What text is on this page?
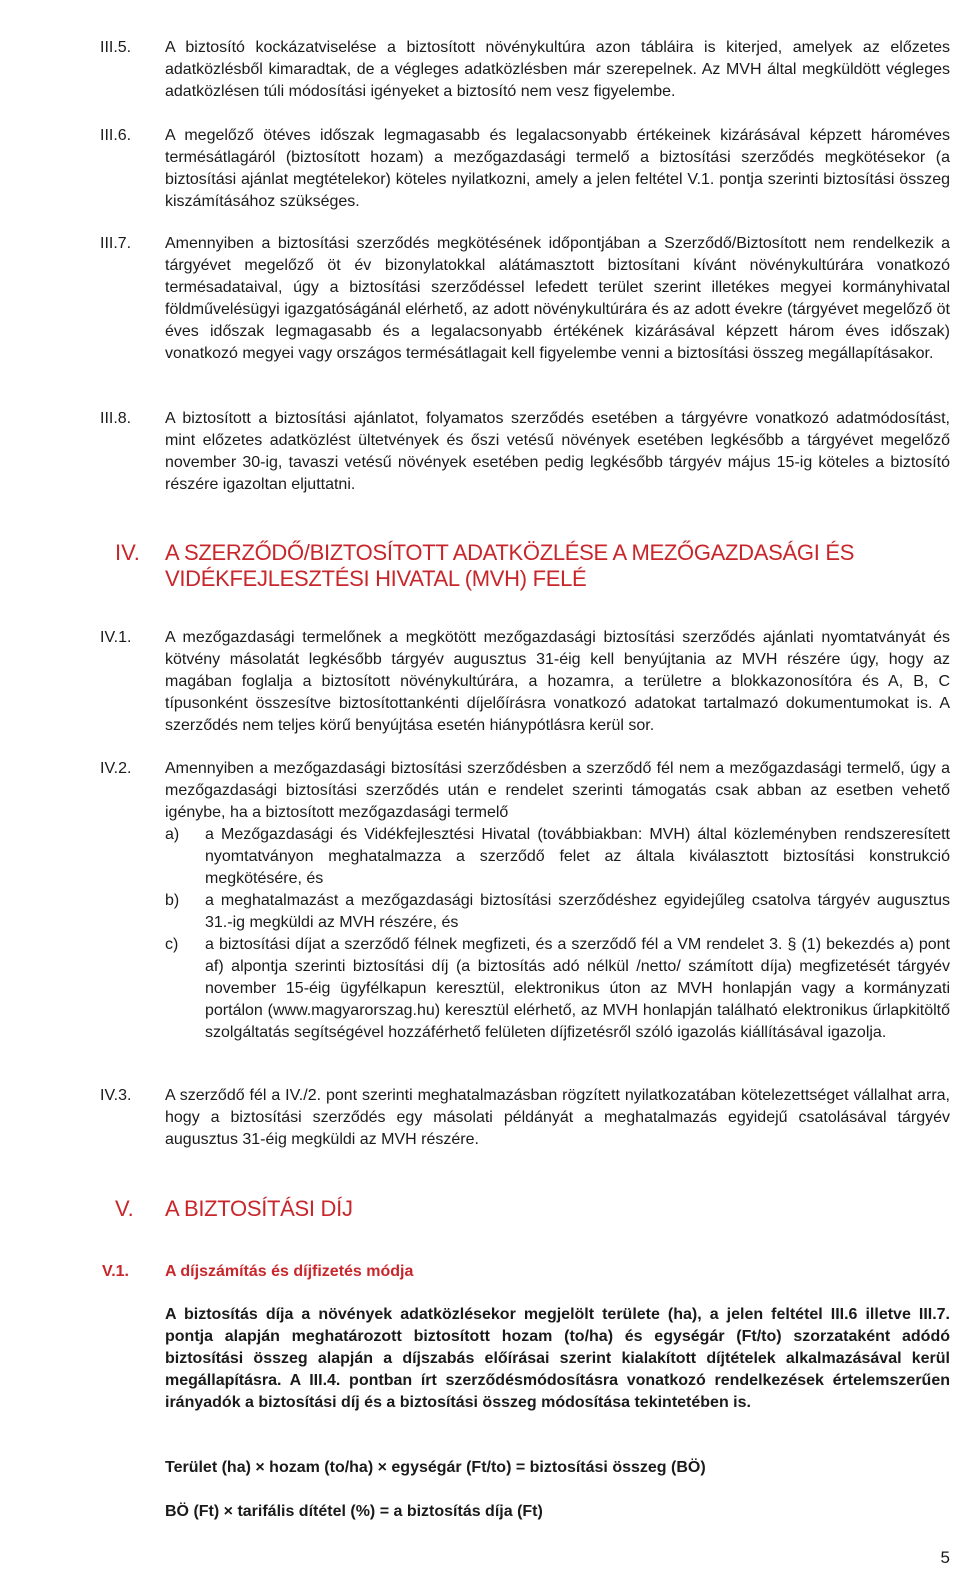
III.5. A biztosító kockázatviselése a biztosított növénykultúra azon tábláira is kiterjed, amelyek az előzetes adatközlésből kimaradtak, de a végleges adatközlésben már szerepelnek. Az MVH által megküldött végleges adatközlésen túli módosítási igényeket a biztosító nem vesz figyelembe.
III.6. A megelőző ötéves időszak legmagasabb és legalacsonyabb értékeinek kizárásával képzett hároméves termésátlagáról (biztosított hozam) a mezőgazdasági termelő a biztosítási szerződés megkötésekor (a biztosítási ajánlat megtételekor) köteles nyilatkozni, amely a jelen feltétel V.1. pontja szerinti biztosítási összeg kiszámításához szükséges.
III.7. Amennyiben a biztosítási szerződés megkötésének időpontjában a Szerződő/Biztosított nem rendelkezik a tárgyévet megelőző öt év bizonylatokkal alátámasztott biztosítani kívánt növénykultúrára vonatkozó termésadataival, úgy a biztosítási szerződéssel lefedett terület szerint illetékes megyei kormányhivatal földművelésügyi igazgatóságánál elérhető, az adott növénykultúrára és az adott évekre (tárgyévet megelőző öt éves időszak legmagasabb és a legalacsonyabb értékének kizárásával képzett három éves időszak) vonatkozó megyei vagy országos termésátlagait kell figyelembe venni a biztosítási összeg megállapításakor.
III.8. A biztosított a biztosítási ajánlatot, folyamatos szerződés esetében a tárgyévre vonatkozó adatmódosítást, mint előzetes adatközlést ültetvények és őszi vetésű növények esetében legkésőbb a tárgyévet megelőző november 30-ig, tavaszi vetésű növények esetében pedig legkésőbb tárgyév május 15-ig köteles a biztosító részére igazoltan eljuttatni.
IV. A SZERZŐDŐ/BIZTOSÍTOTT ADATKÖZLÉSE A MEZŐGAZDASÁGI ÉS
VIDÉKFEJLESZTÉSI HIVATAL (MVH) FELÉ
IV.1. A mezőgazdasági termelőnek a megkötött mezőgazdasági biztosítási szerződés ajánlati nyomtatványát és kötvény másolatát legkésőbb tárgyév augusztus 31-éig kell benyújtania az MVH részére úgy, hogy az magában foglalja a biztosított növénykultúrára, a hozamra, a területre a blokkazonosítóra és A, B, C típusonként összesítve biztosítottankénti díjelőírásra vonatkozó adatokat tartalmazó dokumentumokat is. A szerződés nem teljes körű benyújtása esetén hiánypótlásra kerül sor.
IV.2. Amennyiben a mezőgazdasági biztosítási szerződésben a szerződő fél nem a mezőgazdasági termelő, úgy a mezőgazdasági biztosítási szerződés után e rendelet szerinti támogatás csak abban az esetben vehető igénybe, ha a biztosított mezőgazdasági termelő
a) a Mezőgazdasági és Vidékfejlesztési Hivatal (továbbiakban: MVH) által közleményben rendszeresített nyomtatványon meghatalmazza a szerződő felet az általa kiválasztott biztosítási konstrukció megkötésére, és
b) a meghatalmazást a mezőgazdasági biztosítási szerződéshez egyidejűleg csatolva tárgyév augusztus 31.-ig megküldi az MVH részére, és
c) a biztosítási díjat a szerződő félnek megfizeti, és a szerződő fél a VM rendelet 3. § (1) bekezdés a) pont af) alpontja szerinti biztosítási díj (a biztosítás adó nélkül /netto/ számított díja) megfizetését tárgyév november 15-éig ügyfélkapun keresztül, elektronikus úton az MVH honlapján vagy a kormányzati portálon (www.magyarorszag.hu) keresztül elérhető, az MVH honlapján található elektronikus űrlapkitöltő szolgáltatás segítségével hozzáférhető felületen díjfizetésről szóló igazolás kiállításával igazolja.
IV.3. A szerződő fél a IV./2. pont szerinti meghatalmazásban rögzített nyilatkozatában kötelezettséget vállalhat arra, hogy a biztosítási szerződés egy másolati példányát a meghatalmazás egyidejű csatolásával tárgyév augusztus 31-éig megküldi az MVH részére.
V. A BIZTOSÍTÁSI DÍJ
V.1. A díjszámítás és díjfizetés módja
A biztosítás díja a növények adatközlésekor megjelölt területe (ha), a jelen feltétel III.6 illetve III.7. pontja alapján meghatározott biztosított hozam (to/ha) és egységár (Ft/to) szorzataként adódó biztosítási összeg alapján a díjszabás előírásai szerint kialakított díjtételek alkalmazásával kerül megállapításra. A III.4. pontban írt szerződésmódosításra vonatkozó rendelkezések értelemszerűen irányadók a biztosítási díj és a biztosítási összeg módosítása tekintetében is.
Terület (ha) × hozam (to/ha) × egységár (Ft/to) = biztosítási összeg (BÖ)
BÖ (Ft) × tarifális dítétel (%) = a biztosítás díja (Ft)
5
